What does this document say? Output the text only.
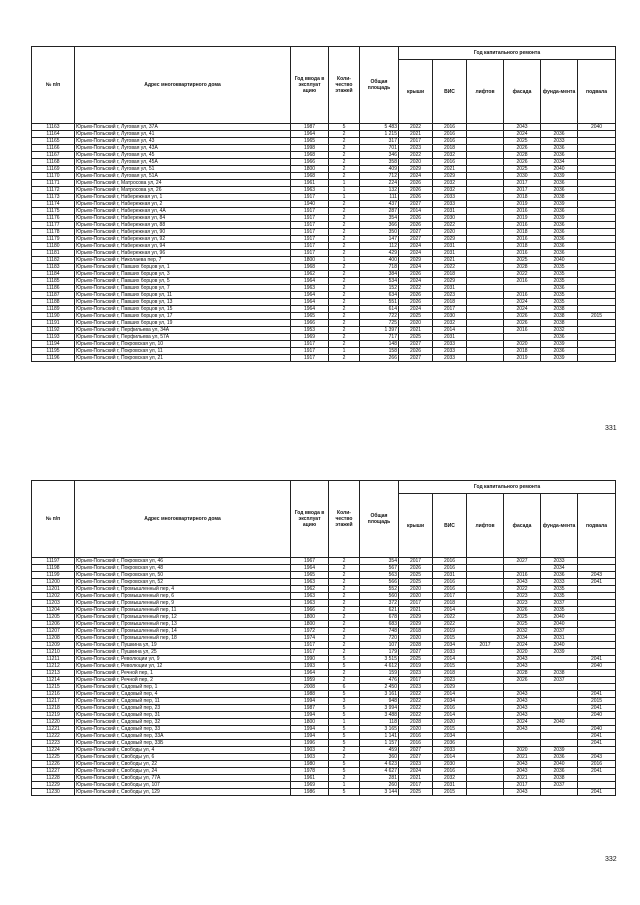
№ п/п	Адрес многоквартирного дома	Год ввода в эксплуат ацию	Коли-чество этажей	Общая площадь	Год капитального ремонта					
					крыши	ВИС	лифтов	фасада	фунда-мента	подвала
11163	Юрьев-Польский г, Луговая ул, 37А	1987	5	5 483	2022	2016		2043		2040
11164	Юрьев-Польский г, Луговая ул, 41	1964	2	1 215	2021	2016		2024	2036	
11165	Юрьев-Польский г, Луговая ул, 43	1965	2	317	2017	2016		2025	2033	
11166	Юрьев-Польский г, Луговая ул, 43А	1998	2	701	2023	2018		2026	2036	
11167	Юрьев-Польский г, Луговая ул, 45	1968	2	346	2022	2032		2028	2036	
11168	Юрьев-Польский г, Луговая ул, 45А	1966	2	358	2020	2016		2026	2034	
11169	Юрьев-Польский г, Луговая ул, 51	1800	2	409	2029	2021		2025	2040	
11170	Юрьев-Польский г, Луговая ул, 51А	1968	2	712	2024	2029		2030	2039	
11171	Юрьев-Польский г, Матросова ул, 24	1961	1	224	2026	2032		2017	2036	
11172	Юрьев-Польский г, Матросова ул, 26	1963	1	132	2026	2032		2017	2036	
11173	Юрьев-Польский г, Набережная ул, 1	1917	1	111	2026	2033		2018	2038	
11174	Юрьев-Польский г, Набережная ул, 2	1940	2	437	2027	2033		2019	2039	
11175	Юрьев-Польский г, Набережная ул, 4А	1917	2	287	2014	2031		2016	2036	
11176	Юрьев-Польский г, Набережная ул, 84	1917	2	354	2026	2030		2019	2039	
11177	Юрьев-Польский г, Набережная ул, 88	1917	2	366	2026	2022		2016	2036	
11178	Юрьев-Польский г, Набережная ул, 90	1917	2	350	2027	2020		2018	2036	
11179	Юрьев-Польский г, Набережная ул, 92	1917	2	147	2027	2029		2016	2036	
11180	Юрьев-Польский г, Набережная ул, 94	1917	2	112	2024	2031		2018	2036	
11181	Юрьев-Польский г, Набережная ул, 96	1917	2	429	2024	2031		2016	2036	
11182	Юрьев-Польский г, Николаева пер, 7	1800	1	400	2029	2021		2025	2040	
11183	Юрьев-Польский г, Павших борцов ул, 1	1968	2	718	2024	2022		2028	2035	
11184	Юрьев-Польский г, Павших борцов ул, 3	1962	2	384	2026	2018		2022	2035	
11185	Юрьев-Польский г, Павших борцов ул, 5	1964	2	534	2024	2029		2016	2035	
11186	Юрьев-Польский г, Павших борцов ул, 7	1963	2	152	2022	2031			2036	
11187	Юрьев-Польский г, Павших борцов ул, 11	1964	2	634	2026	2023		2016	2035	
11188	Юрьев-Польский г, Павших борцов ул, 13	1964	2	551	2026	2018		2024	2035	
11189	Юрьев-Польский г, Павших борцов ул, 15	1964	2	614	2024	2017		2024	2038	
11190	Юрьев-Польский г, Павших борцов ул, 17	1965	2	722	2025	2030		2026	2038	2015
11191	Юрьев-Польский г, Павших борцов ул, 19	1966	2	725	2020	2032		2026	2038	
11192	Юрьев-Польский г, Перфильева ул, 34А	1953	2	1 397	2021	2014		2016	2032	
11193	Юрьев-Польский г, Перфильева ул, 57А	1969	2	717	2025	2031			2036	
11194	Юрьев-Польский г, Покровская ул, 10	1917	2	148	2027	2033		2020	2039	
11195	Юрьев-Польский г, Покровская ул, 11	1917	1	158	2026	2033		2018	2036	
11196	Юрьев-Польский г, Покровская ул, 21	1917	2	266	2027	2033		2019	2039	
331
№ п/п	Адрес многоквартирного дома	Год ввода в эксплуат ацию	Коли-чество этажей	Общая площадь	Год капитального ремонта					
					крыши	ВИС	лифтов	фасада	фунда-мента	подвала
11197	Юрьев-Польский г, Покровская ул, 46	1967	2	354	2017	2016		2027	2033	
11198	Юрьев-Польский г, Покровская ул, 48	1964	2	567	2026	2016			2034	
11199	Юрьев-Польский г, Покровская ул, 50	1965	2	563	2025	2031		2016	2036	2043
11200	Юрьев-Польский г, Покровская ул, 52	1963	2	566	2025	2016		2043	2033	2041
11201	Юрьев-Польский г, Промышленный пер, 4	1962	2	552	2020	2016		2022	2035	
11202	Юрьев-Польский г, Промышленный пер, 6	1963	2	560	2020	2017		2023	2035	
11203	Юрьев-Польский г, Промышленный пер, 9	1963	2	372	2017	2018		2023	2037	
11204	Юрьев-Польский г, Промышленный пер, 11	1966	2	621	2021	2014		2026	2035	
11205	Юрьев-Польский г, Промышленный пер, 12	1800	2	678	2029	2022		2025	2040	
11206	Юрьев-Польский г, Промышленный пер, 13	1800	2	683	2029	2022		2025	2040	
11207	Юрьев-Польский г, Промышленный пер, 14	1972	2	748	2018	2019		2032	2037	
11208	Юрьев-Польский г, Промышленный пер, 18	1974	2	720	2020	2015		2034	2031	
11209	Юрьев-Польский г, Пушкина ул, 19	1917	2	107	2028	2034	2017	2024	2040	
11210	Юрьев-Польский г, Пушкина ул, 25	1917	2	179	2027	2033		2020	2039	
11211	Юрьев-Польский г, Революции ул, 9	1990	5	3 515	2025	2014		2043		2041
11212	Юрьев-Польский г, Революции ул, 12	1993	5	4 612	2019	2015		2043		2040
11213	Юрьев-Польский г, Речной пер, 1	1964	2	159	2023	2018		2028	2038	
11214	Юрьев-Польский г, Речной пер, 2	1959	2	476	2017	2023		2026	2037	
11215	Юрьев-Польский г, Садовый пер, 1	2008	6	2 450	2023	2029				
11216	Юрьев-Польский г, Садовый пер, 4	1988	5	3 161	2022	2014		2043		2041
11217	Юрьев-Польский г, Садовый пер, 11	1994	3	948	2022	2034		2043		2015
11218	Юрьев-Польский г, Садовый пер, 23	1987	5	3 994	2022	2016		2043		2041
11219	Юрьев-Польский г, Садовый пер, 31	1994	5	3 488	2022	2014		2043		2040
11220	Юрьев-Польский г, Садовый пер, 32	1800	1	118	2028	2020		2024	2040	
11221	Юрьев-Польский г, Садовый пер, 33	1994	5	3 165	2020	2015		2043		2040
11222	Юрьев-Польский г, Садовый пер, 33А	1994	5	1 141	2016	2034				2041
11223	Юрьев-Польский г, Садовый пер, 33Б	1996	5	1 157	2016	2036				2041
11224	Юрьев-Польский г, Свободы ул, 4	1903	2	459	2027	2033		2020	2039	
11225	Юрьев-Польский г, Свободы ул, 6	1903	2	360	2027	2014		2021	2036	2043
11226	Юрьев-Польский г, Свободы ул, 22	1980	5	4 623	2023	2030		2043	2040	2016
11227	Юрьев-Польский г, Свободы ул, 24	1978	5	4 627	2024	2016		2043	2036	2041
11228	Юрьев-Польский г, Свободы ул, 77А	1961	2	281	2021	2032		2021	2038	
11229	Юрьев-Польский г, Свободы ул, 107	1969	1	260	2017	2031		2017	2037	
11230	Юрьев-Польский г, Свободы ул, 129	1986	5	3 144	2025	2015		2043		2041
332
